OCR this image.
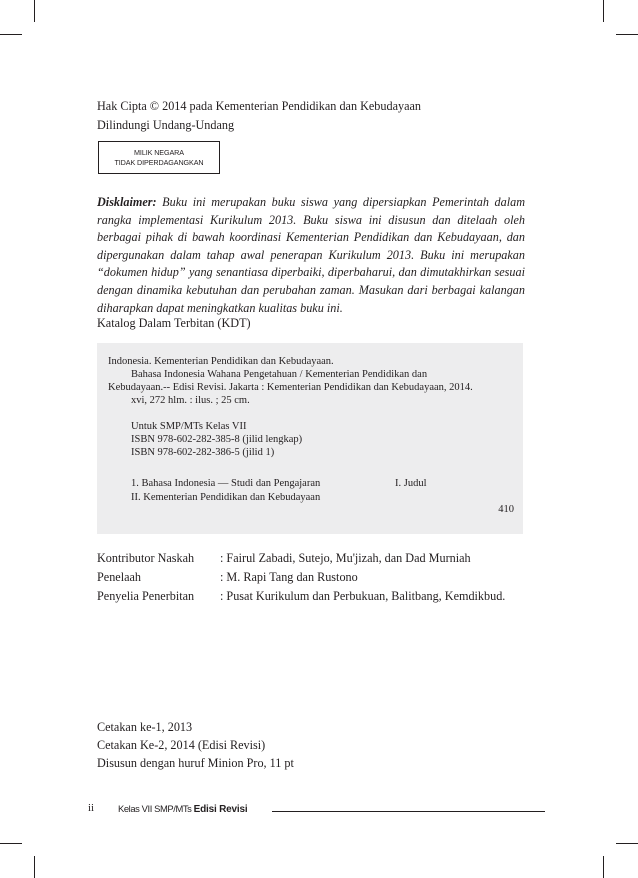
Hak Cipta © 2014 pada Kementerian Pendidikan dan Kebudayaan
Dilindungi Undang-Undang
MILIK NEGARA
TIDAK DIPERDAGANGKAN
Disklaimer: Buku ini merupakan buku siswa yang dipersiapkan Pemerintah dalam rangka implementasi Kurikulum 2013. Buku siswa ini disusun dan ditelaah oleh berbagai pihak di bawah koordinasi Kementerian Pendidikan dan Kebudayaan, dan dipergunakan dalam tahap awal penerapan Kurikulum 2013. Buku ini merupakan “dokumen hidup” yang senantiasa diperbaiki, diperbaharui, dan dimutakhirkan sesuai dengan dinamika kebutuhan dan perubahan zaman. Masukan dari berbagai kalangan diharapkan dapat meningkatkan kualitas buku ini.
Katalog Dalam Terbitan (KDT)
Indonesia. Kementerian Pendidikan dan Kebudayaan.
Bahasa Indonesia Wahana Pengetahuan / Kementerian Pendidikan dan
Kebudayaan.-- Edisi Revisi. Jakarta : Kementerian Pendidikan dan Kebudayaan, 2014.
xvi, 272 hlm. : ilus. ; 25 cm.
Untuk SMP/MTs Kelas VII
ISBN 978-602-282-385-8 (jilid lengkap)
ISBN 978-602-282-386-5 (jilid 1)
1. Bahasa Indonesia — Studi dan Pengajaran	I. Judul
II. Kementerian Pendidikan dan Kebudayaan
410
Kontributor Naskah	: Fairul Zabadi, Sutejo, Mu'jizah, dan Dad Murniah
Penelaah	: M. Rapi Tang dan Rustono
Penyelia Penerbitan	: Pusat Kurikulum dan Perbukuan, Balitbang, Kemdikbud.
Cetakan ke-1, 2013
Cetakan Ke-2, 2014 (Edisi Revisi)
Disusun dengan huruf Minion Pro, 11 pt
ii	Kelas VII SMP/MTs Edisi Revisi
